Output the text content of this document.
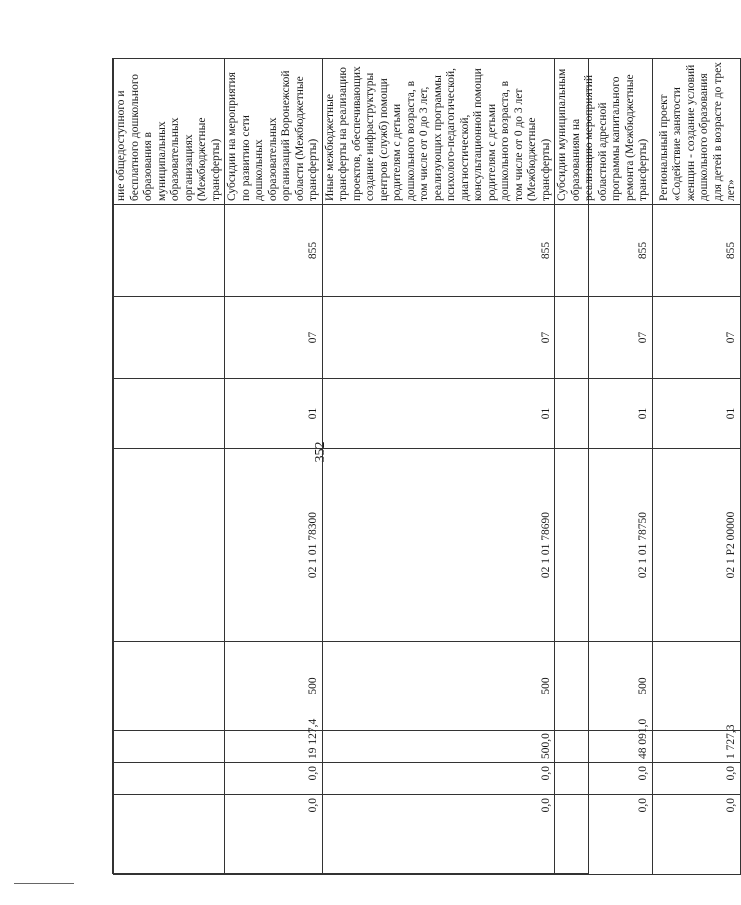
352
								ние общедоступного и бесплатного дошкольного образования в муниципальных образовательных организациях (Межбюджетные трансферты)
0,0	0,0	19 127,4	500	02 1 01 78300	01	07	855	Субсидии на мероприятия по развитию сети дошкольных образовательных организаций Воронежской области (Межбюджетные трансферты)
0,0	0,0	500,0	500	02 1 01 78690	01	07	855	Иные межбюджетные трансферты на реализацию проектов, обеспечивающих создание инфраструктуры центров (служб) помощи родителям с детьми дошкольного возраста, в том числе от 0 до 3 лет, реализующих программы психолого-педагогической, диагностической, консультационной помощи родителям с детьми дошкольного возраста, в том числе от 0 до 3 лет (Межбюджетные трансферты)
0,0	0,0	48 091,0	500	02 1 01 78750	01	07	855	Субсидии муниципальным образованиям на реализацию мероприятий областной адресной программы капитального ремонта (Межбюджетные трансферты)
0,0	0,0	1 727,3		02 1 P2 00000	01	07	855	Региональный проект «Содействие занятости женщин - создание условий дошкольного образования для детей в возрасте до трех лет»
